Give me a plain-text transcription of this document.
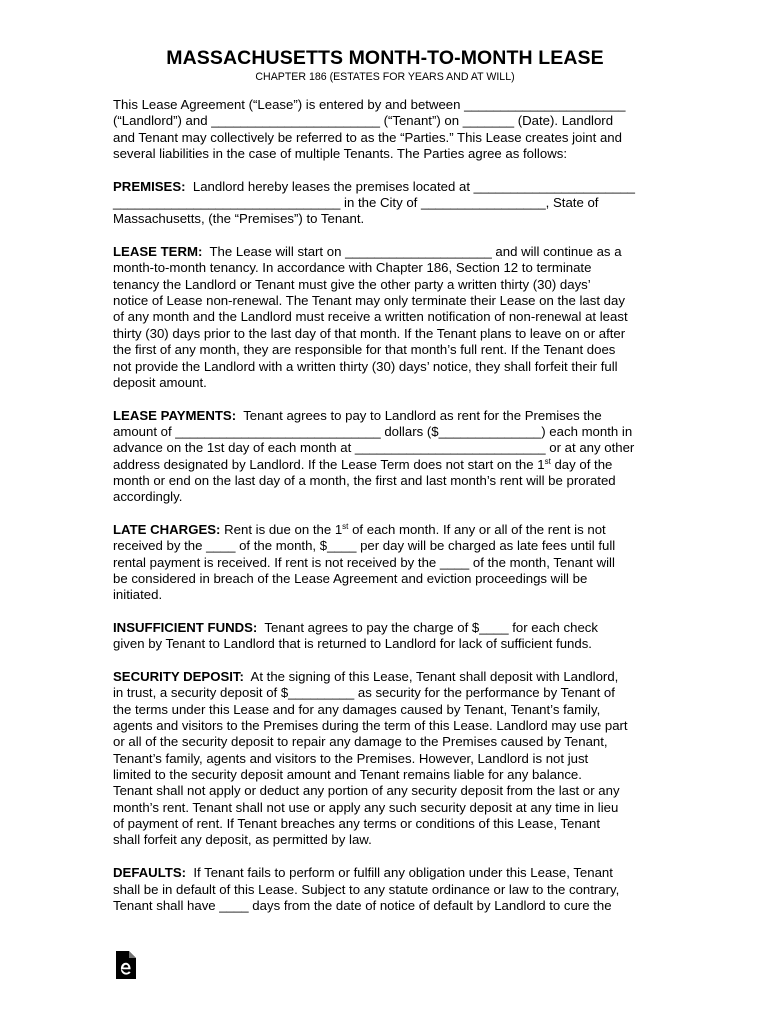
MASSACHUSETTS MONTH-TO-MONTH LEASE
CHAPTER 186 (ESTATES FOR YEARS AND AT WILL)
This Lease Agreement (“Lease”) is entered by and between ______________________
(“Landlord”) and _______________________ (“Tenant”) on _______ (Date). Landlord
and Tenant may collectively be referred to as the “Parties.” This Lease creates joint and
several liabilities in the case of multiple Tenants. The Parties agree as follows:
PREMISES: Landlord hereby leases the premises located at ______________________
_______________________________ in the City of _________________, State of
Massachusetts, (the “Premises”) to Tenant.
LEASE TERM: The Lease will start on ____________________ and will continue as a
month-to-month tenancy. In accordance with Chapter 186, Section 12 to terminate
tenancy the Landlord or Tenant must give the other party a written thirty (30) days’
notice of Lease non-renewal. The Tenant may only terminate their Lease on the last day
of any month and the Landlord must receive a written notification of non-renewal at least
thirty (30) days prior to the last day of that month. If the Tenant plans to leave on or after
the first of any month, they are responsible for that month’s full rent. If the Tenant does
not provide the Landlord with a written thirty (30) days’ notice, they shall forfeit their full
deposit amount.
LEASE PAYMENTS: Tenant agrees to pay to Landlord as rent for the Premises the
amount of ____________________________ dollars ($______________) each month in
advance on the 1st day of each month at __________________________ or at any other
address designated by Landlord. If the Lease Term does not start on the 1st day of the
month or end on the last day of a month, the first and last month’s rent will be prorated
accordingly.
LATE CHARGES: Rent is due on the 1st of each month. If any or all of the rent is not
received by the ____ of the month, $____ per day will be charged as late fees until full
rental payment is received. If rent is not received by the ____ of the month, Tenant will
be considered in breach of the Lease Agreement and eviction proceedings will be
initiated.
INSUFFICIENT FUNDS: Tenant agrees to pay the charge of $____ for each check
given by Tenant to Landlord that is returned to Landlord for lack of sufficient funds.
SECURITY DEPOSIT: At the signing of this Lease, Tenant shall deposit with Landlord,
in trust, a security deposit of $_________ as security for the performance by Tenant of
the terms under this Lease and for any damages caused by Tenant, Tenant’s family,
agents and visitors to the Premises during the term of this Lease. Landlord may use part
or all of the security deposit to repair any damage to the Premises caused by Tenant,
Tenant’s family, agents and visitors to the Premises. However, Landlord is not just
limited to the security deposit amount and Tenant remains liable for any balance.
Tenant shall not apply or deduct any portion of any security deposit from the last or any
month’s rent. Tenant shall not use or apply any such security deposit at any time in lieu
of payment of rent. If Tenant breaches any terms or conditions of this Lease, Tenant
shall forfeit any deposit, as permitted by law.
DEFAULTS: If Tenant fails to perform or fulfill any obligation under this Lease, Tenant
shall be in default of this Lease. Subject to any statute ordinance or law to the contrary,
Tenant shall have ____ days from the date of notice of default by Landlord to cure the
